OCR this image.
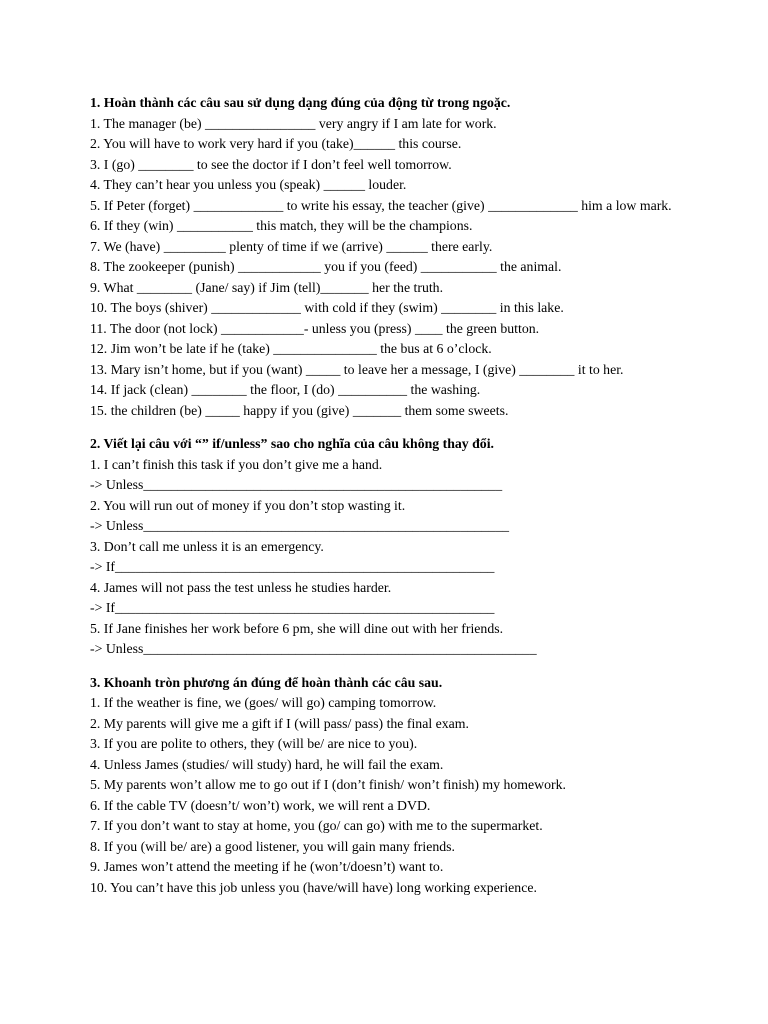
1. Hoàn thành các câu sau sử dụng dạng đúng của động từ trong ngoặc.

1. The manager (be) ________________ very angry if I am late for work.

2. You will have to work very hard if you (take)______ this course.

3. I (go) ________ to see the doctor if I don’t feel well tomorrow.

4. They can’t hear you unless you (speak) ______ louder.

5. If Peter (forget) _____________ to write his essay, the teacher (give) _____________ him a low mark.

6. If they (win) ___________ this match, they will be the champions.

7. We (have) _________ plenty of time if we (arrive) ______ there early.

8. The zookeeper (punish) ____________ you if you (feed) ___________ the animal.

9. What ________ (Jane/ say) if Jim (tell)_______ her the truth.

10. The boys (shiver) _____________ with cold if they (swim) ________ in this lake.

11. The door (not lock) ____________- unless you (press) ____ the green button.

12. Jim won’t be late if he (take) _______________ the bus at 6 o’clock.

13. Mary isn’t home, but if you (want) _____ to leave her a message, I (give) ________ it to her.

14. If jack (clean) ________ the floor, I (do) __________ the washing.

15. the children (be) _____ happy if you (give) _______ them some sweets.

2. Viết lại câu với “” if/unless” sao cho nghĩa của câu không thay đổi.

1. I can’t finish this task if you don’t give me a hand.

-> Unless____________________________________________________

2. You will run out of money if you don’t stop wasting it.

-> Unless_____________________________________________________

3. Don’t call me unless it is an emergency.

-> If_______________________________________________________

4. James will not pass the test unless he studies harder.

-> If_______________________________________________________

5. If Jane finishes her work before 6 pm, she will dine out with her friends.

-> Unless_________________________________________________________

3. Khoanh tròn phương án đúng để hoàn thành các câu sau.

1. If the weather is fine, we (goes/ will go) camping tomorrow.

2. My parents will give me a gift if I (will pass/ pass) the final exam.

3. If you are polite to others, they (will be/ are nice to you).

4. Unless James (studies/ will study) hard, he will fail the exam.

5. My parents won’t allow me to go out if I (don’t finish/ won’t finish) my homework.

6. If the cable TV (doesn’t/ won’t) work, we will rent a DVD.

7. If you don’t want to stay at home, you (go/ can go) with me to the supermarket.

8. If you (will be/ are) a good listener, you will gain many friends.

9. James won’t attend the meeting if he (won’t/doesn’t) want to.

10. You can’t have this job unless you (have/will have) long working experience.
